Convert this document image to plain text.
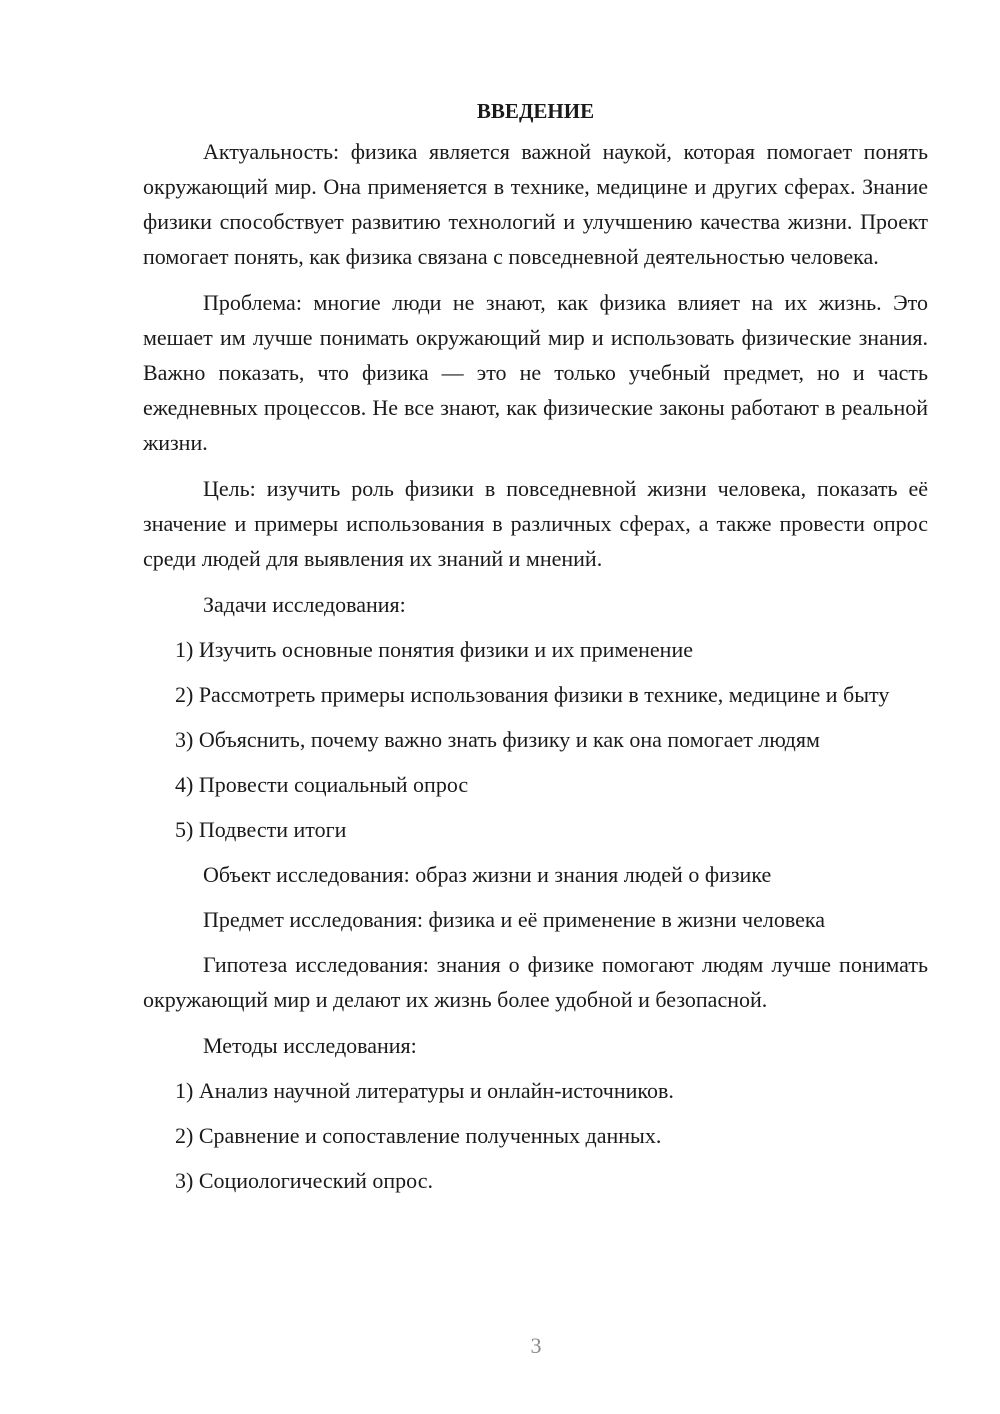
ВВЕДЕНИЕ

Актуальность: физика является важной наукой, которая помогает понять окружающий мир. Она применяется в технике, медицине и других сферах. Знание физики способствует развитию технологий и улучшению качества жизни. Проект помогает понять, как физика связана с повседневной деятельностью человека.

Проблема: многие люди не знают, как физика влияет на их жизнь. Это мешает им лучше понимать окружающий мир и использовать физические знания. Важно показать, что физика — это не только учебный предмет, но и часть ежедневных процессов. Не все знают, как физические законы работают в реальной жизни.

Цель: изучить роль физики в повседневной жизни человека, показать её значение и примеры использования в различных сферах, а также провести опрос среди людей для выявления их знаний и мнений.

Задачи исследования:

1) Изучить основные понятия физики и их применение

2) Рассмотреть примеры использования физики в технике, медицине и быту

3) Объяснить, почему важно знать физику и как она помогает людям

4) Провести социальный опрос

5) Подвести итоги

Объект исследования: образ жизни и знания людей о физике

Предмет исследования: физика и её применение в жизни человека

Гипотеза исследования: знания о физике помогают людям лучше понимать окружающий мир и делают их жизнь более удобной и безопасной.

Методы исследования:

1) Анализ научной литературы и онлайн-источников.

2) Сравнение и сопоставление полученных данных.

3) Социологический опрос.

3
